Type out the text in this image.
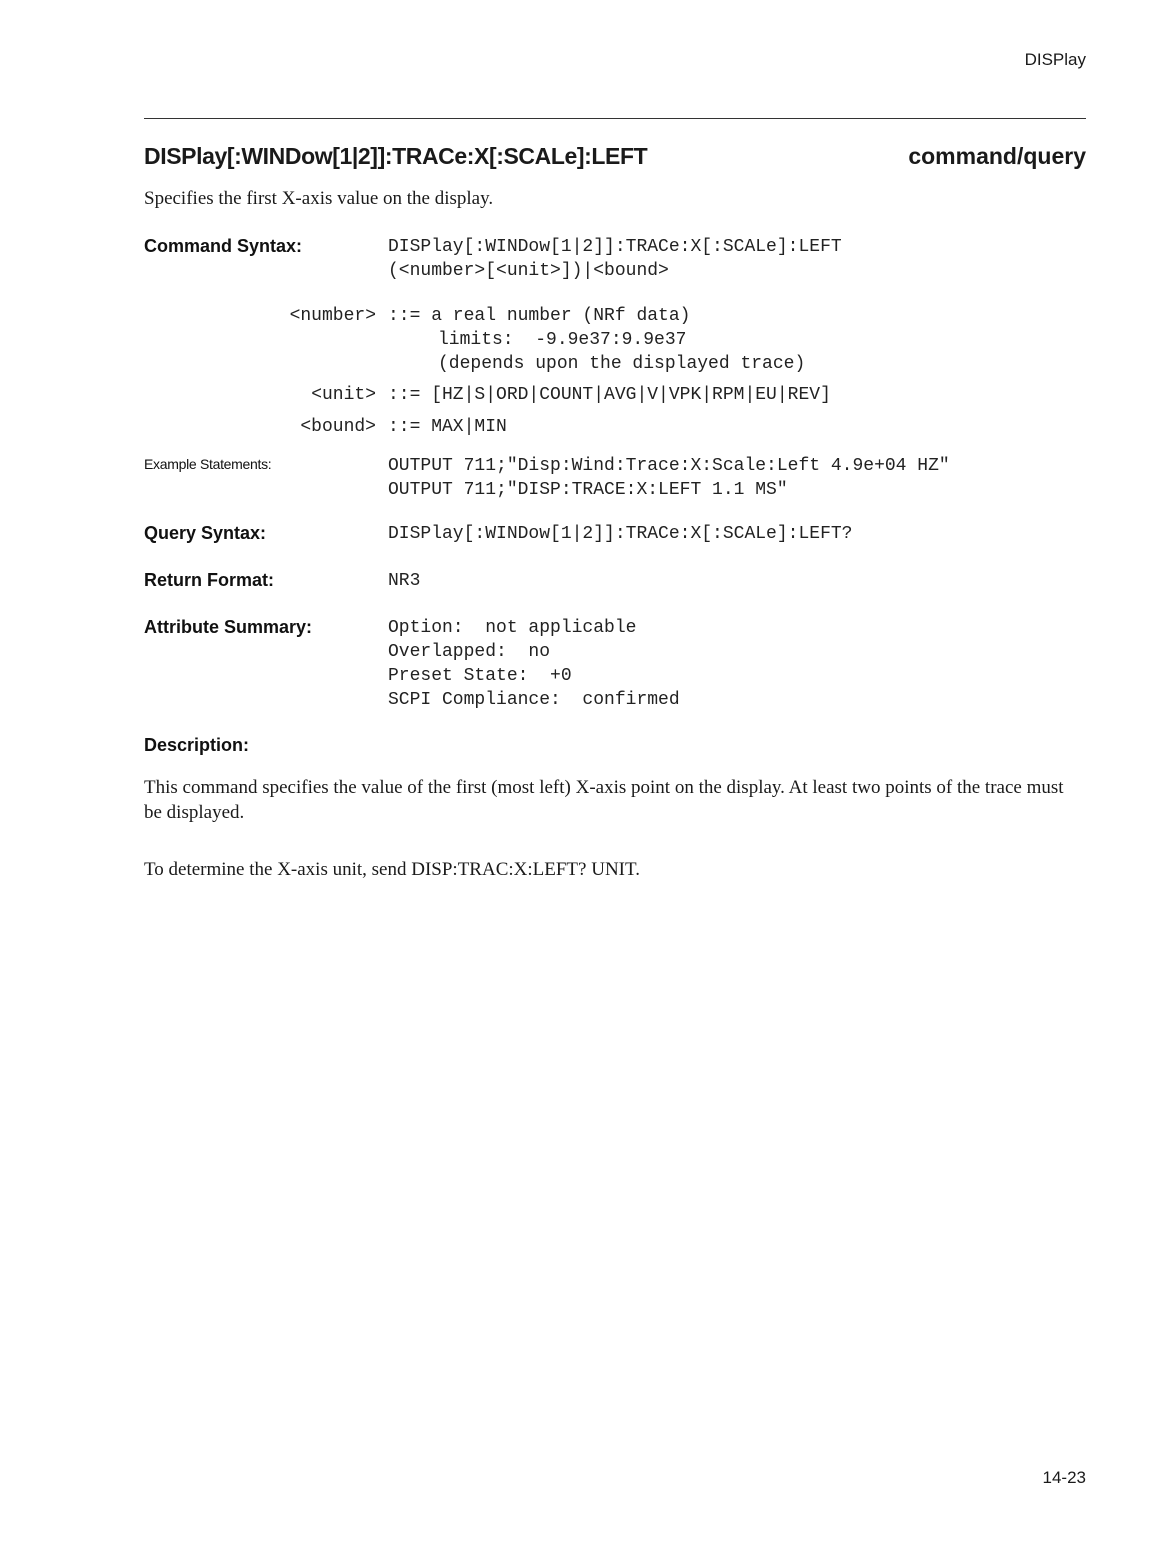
DISPlay
DISPlay[:WINDow[1|2]]:TRACe:X[:SCALe]:LEFT	command/query
Specifies the first X-axis value on the display.
Command Syntax:	DISPlay[:WINDow[1|2]]:TRACe:X[:SCALe]:LEFT
(<number>[<unit>])|<bound>
<number> ::= a real number (NRf data)
limits:  -9.9e37:9.9e37
(depends upon the displayed trace)
<unit> ::= [HZ|S|ORD|COUNT|AVG|V|VPK|RPM|EU|REV]
<bound> ::= MAX|MIN
Example Statements:	OUTPUT 711;"Disp:Wind:Trace:X:Scale:Left 4.9e+04 HZ"
OUTPUT 711;"DISP:TRACE:X:LEFT 1.1 MS"
Query Syntax:	DISPlay[:WINDow[1|2]]:TRACe:X[:SCALe]:LEFT?
Return Format:	NR3
Attribute Summary:	Option:  not applicable
Overlapped:  no
Preset State:  +0
SCPI Compliance:  confirmed
Description:
This command specifies the value of the first (most left) X-axis point on the display. At least two points of the trace must be displayed.
To determine the X-axis unit, send DISP:TRAC:X:LEFT? UNIT.
14-23
